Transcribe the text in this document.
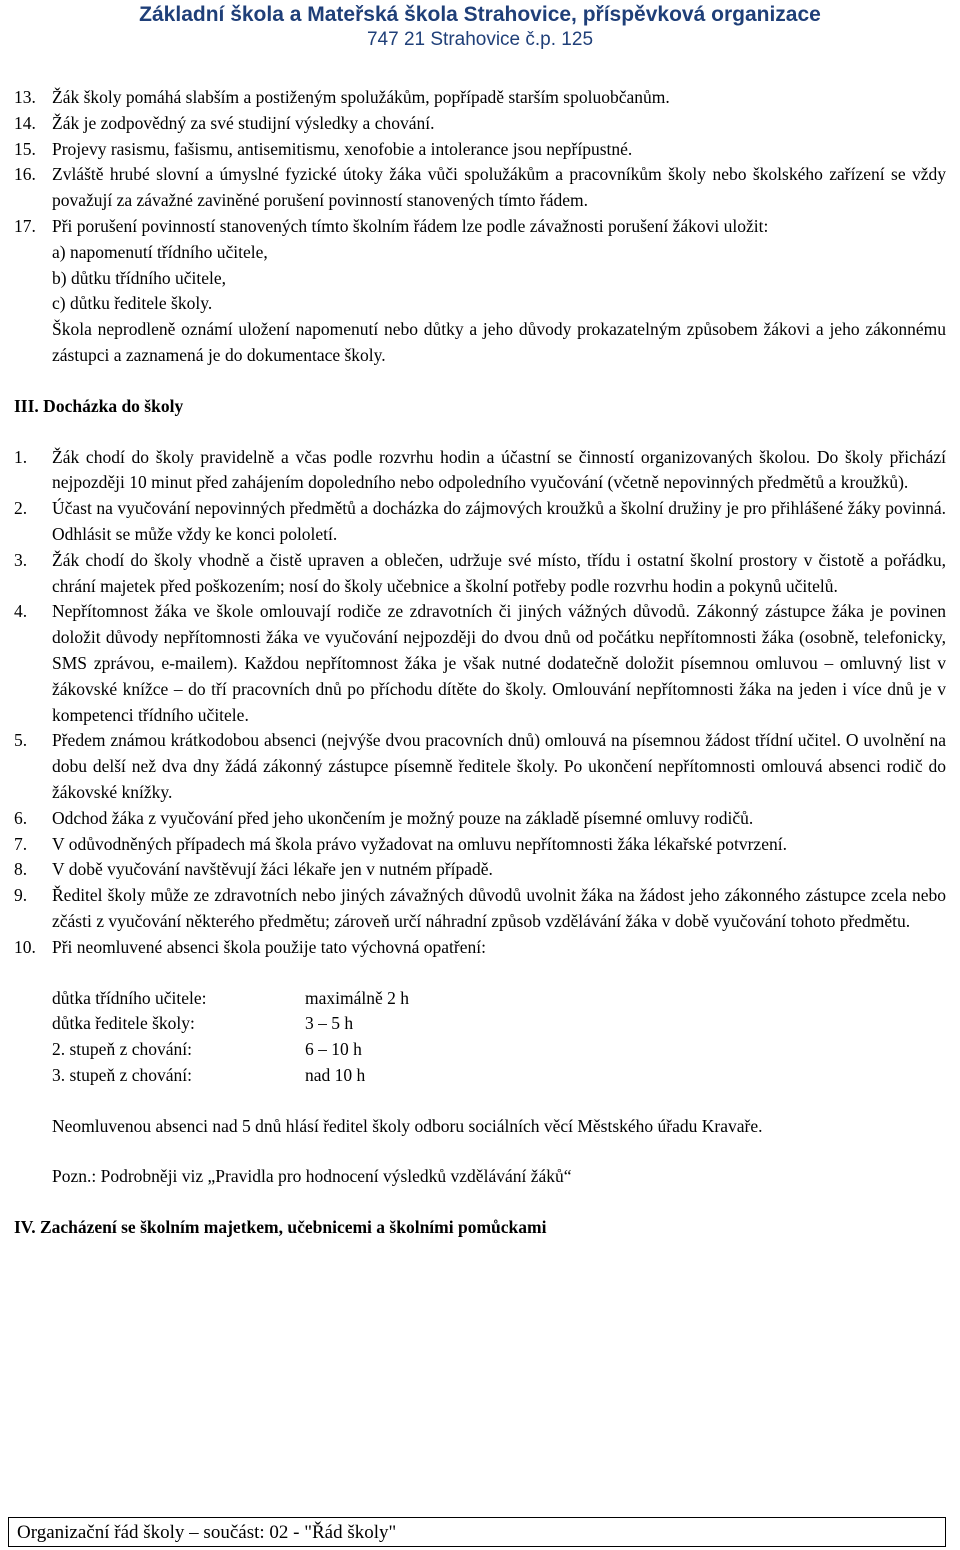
Základní škola a Mateřská škola Strahovice, příspěvková organizace
747 21 Strahovice č.p. 125
13. Žák školy pomáhá slabším a postiženým spolužákům, popřípadě starším spoluobčanům.
14. Žák je zodpovědný za své studijní výsledky a chování.
15. Projevy rasismu, fašismu, antisemitismu, xenofobie a intolerance jsou nepřípustné.
16. Zvláště hrubé slovní a úmyslné fyzické útoky žáka vůči spolužákům a pracovníkům školy nebo školského zařízení se vždy považují za závažné zaviněné porušení povinností stanovených tímto řádem.
17. Při porušení povinností stanovených tímto školním řádem lze podle závažnosti porušení žákovi uložit:
a) napomenutí třídního učitele,
b) důtku třídního učitele,
c) důtku ředitele školy.
Škola neprodleně oznámí uložení napomenutí nebo důtky a jeho důvody prokazatelným způsobem žákovi a jeho zákonnému zástupci a zaznamená je do dokumentace školy.
III. Docházka do školy
1.	Žák chodí do školy pravidelně a včas podle rozvrhu hodin a účastní se činností organizovaných školou. Do školy přichází nejpozději 10 minut před zahájením dopoledního nebo odpoledního vyučování (včetně nepovinných předmětů a kroužků).
2.	Účast na vyučování nepovinných předmětů a docházka do zájmových kroužků a školní družiny je pro přihlášené žáky povinná. Odhlásit se může vždy ke konci pololetí.
3.	Žák chodí do školy vhodně a čistě upraven a oblečen, udržuje své místo, třídu i ostatní školní prostory v čistotě a pořádku, chrání majetek před poškozením; nosí do školy učebnice a školní potřeby podle rozvrhu hodin a pokynů učitelů.
4.	Nepřítomnost žáka ve škole omlouvají rodiče ze zdravotních či jiných vážných důvodů. Zákonný zástupce žáka je povinen doložit důvody nepřítomnosti žáka ve vyučování nejpozději do dvou dnů od počátku nepřítomnosti žáka (osobně, telefonicky, SMS zprávou, e-mailem). Každou nepřítomnost žáka je však nutné dodatečně doložit písemnou omluvou – omluvný list v žákovské knížce – do tří pracovních dnů po příchodu dítěte do školy. Omlouvání nepřítomnosti žáka na jeden i více dnů je v kompetenci třídního učitele.
5.	Předem známou krátkodobou absenci (nejvýše dvou pracovních dnů) omlouvá na písemnou žádost třídní učitel. O uvolnění na dobu delší než dva dny žádá zákonný zástupce písemně ředitele školy. Po ukončení nepřítomnosti omlouvá absenci rodič do žákovské knížky.
6.	Odchod žáka z vyučování před jeho ukončením je možný pouze na základě písemné omluvy rodičů.
7.	V odůvodněných případech má škola právo vyžadovat na omluvu nepřítomnosti žáka lékařské potvrzení.
8.	V době vyučování navštěvují žáci lékaře jen v nutném případě.
9.	Ředitel školy může ze zdravotních nebo jiných závažných důvodů uvolnit žáka na žádost jeho zákonného zástupce zcela nebo zčásti z vyučování některého předmětu; zároveň určí náhradní způsob vzdělávání žáka v době vyučování tohoto předmětu.
10. Při neomluvené absenci škola použije tato výchovná opatření:
důtka třídního učitele:	maximálně 2 h
důtka ředitele školy:	3 – 5 h
2. stupeň z chování:	6 – 10 h
3. stupeň z chování:	nad 10 h
Neomluvenou absenci nad 5 dnů hlásí ředitel školy odboru sociálních věcí Městského úřadu Kravaře.
Pozn.: Podrobněji viz „Pravidla pro hodnocení výsledků vzdělávání žáků“
IV. Zacházení se školním majetkem, učebnicemi a školními pomůckami
Organizační řád školy – součást: 02 - "Řád školy"
